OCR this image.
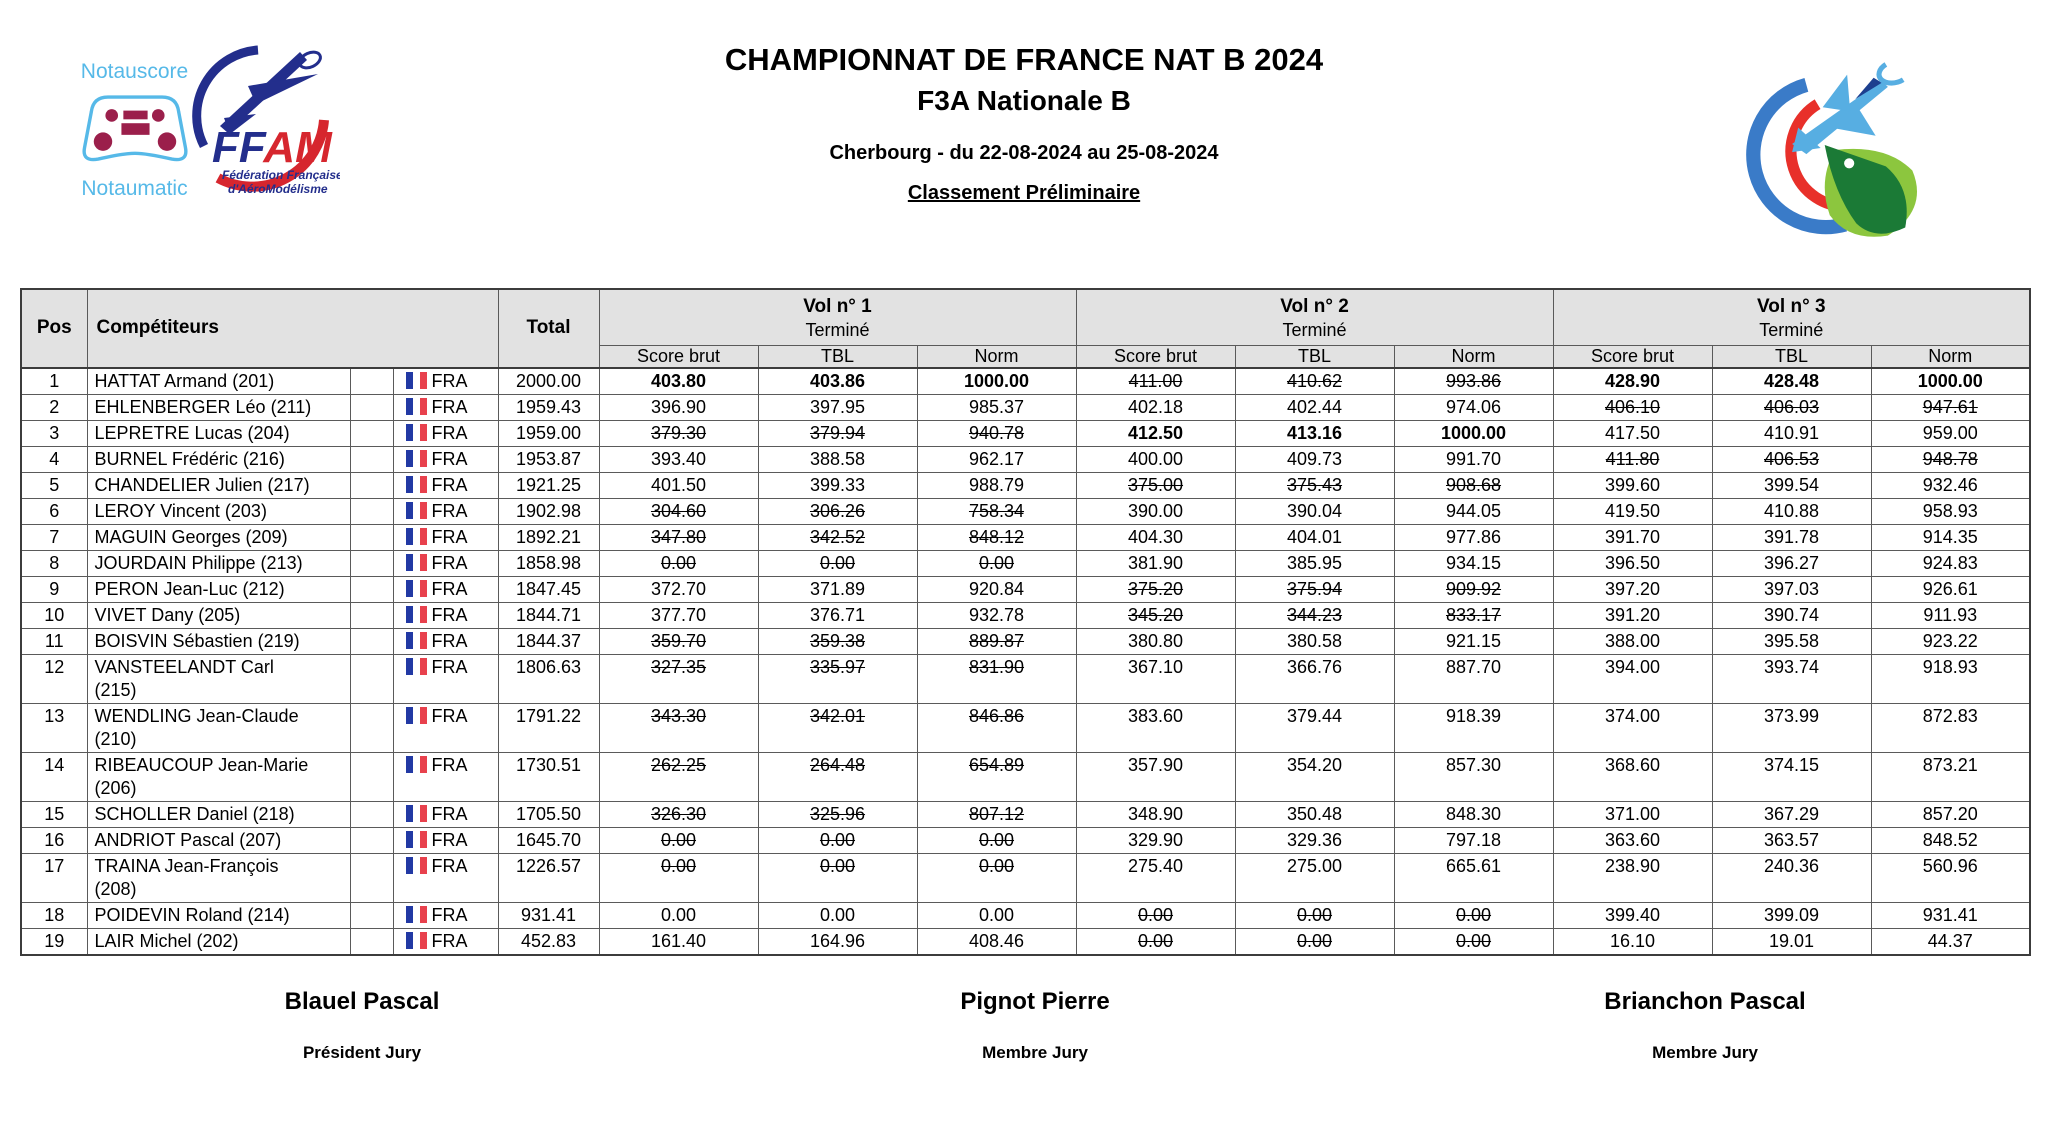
Notauscore
Notaumatic
FFAM
Fédération Française
d'AéroModélisme
CHAMPIONNAT DE FRANCE NAT B 2024
F3A Nationale B
Cherbourg - du 22-08-2024 au 25-08-2024
Classement Préliminaire
Pos	Compétiteurs	Total	
Vol n° 1
Terminé

Vol n° 2
Terminé

Vol n° 3
Terminé

					Score brut	TBL	Norm	Score brut	TBL	Norm	Score brut	TBL	Norm
1	HATTAT Armand (201)		FRA	2000.00	403.80	403.86	1000.00	411.00	410.62	993.86	428.90	428.48	1000.00
2	EHLENBERGER Léo (211)		FRA	1959.43	396.90	397.95	985.37	402.18	402.44	974.06	406.10	406.03	947.61
3	LEPRETRE Lucas (204)		FRA	1959.00	379.30	379.94	940.78	412.50	413.16	1000.00	417.50	410.91	959.00
4	BURNEL Frédéric (216)		FRA	1953.87	393.40	388.58	962.17	400.00	409.73	991.70	411.80	406.53	948.78
5	CHANDELIER Julien (217)		FRA	1921.25	401.50	399.33	988.79	375.00	375.43	908.68	399.60	399.54	932.46
6	LEROY Vincent (203)		FRA	1902.98	304.60	306.26	758.34	390.00	390.04	944.05	419.50	410.88	958.93
7	MAGUIN Georges (209)		FRA	1892.21	347.80	342.52	848.12	404.30	404.01	977.86	391.70	391.78	914.35
8	JOURDAIN Philippe (213)		FRA	1858.98	0.00	0.00	0.00	381.90	385.95	934.15	396.50	396.27	924.83
9	PERON Jean-Luc (212)		FRA	1847.45	372.70	371.89	920.84	375.20	375.94	909.92	397.20	397.03	926.61
10	VIVET Dany (205)		FRA	1844.71	377.70	376.71	932.78	345.20	344.23	833.17	391.20	390.74	911.93
11	BOISVIN Sébastien (219)		FRA	1844.37	359.70	359.38	889.87	380.80	380.58	921.15	388.00	395.58	923.22
12	VANSTEELANDT Carl (215)		FRA	1806.63	327.35	335.97	831.90	367.10	366.76	887.70	394.00	393.74	918.93
13	WENDLING Jean-Claude (210)		FRA	1791.22	343.30	342.01	846.86	383.60	379.44	918.39	374.00	373.99	872.83
14	RIBEAUCOUP Jean-Marie (206)		FRA	1730.51	262.25	264.48	654.89	357.90	354.20	857.30	368.60	374.15	873.21
15	SCHOLLER Daniel (218)		FRA	1705.50	326.30	325.96	807.12	348.90	350.48	848.30	371.00	367.29	857.20
16	ANDRIOT Pascal (207)		FRA	1645.70	0.00	0.00	0.00	329.90	329.36	797.18	363.60	363.57	848.52
17	TRAINA Jean-François (208)		FRA	1226.57	0.00	0.00	0.00	275.40	275.00	665.61	238.90	240.36	560.96
18	POIDEVIN Roland (214)		FRA	931.41	0.00	0.00	0.00	0.00	0.00	0.00	399.40	399.09	931.41
19	LAIR Michel (202)		FRA	452.83	161.40	164.96	408.46	0.00	0.00	0.00	16.10	19.01	44.37
Blauel Pascal
Président Jury
Pignot Pierre
Membre Jury
Brianchon Pascal
Membre Jury
